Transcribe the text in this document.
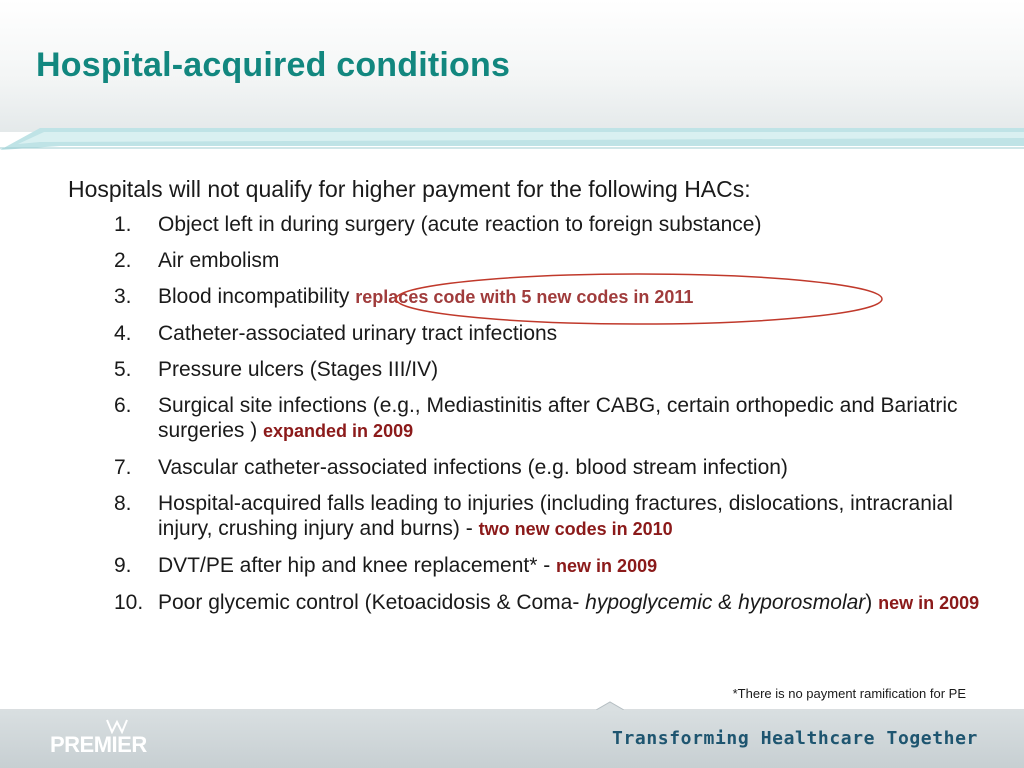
Hospital-acquired conditions
Hospitals will not qualify for higher payment for the following HACs:
1.	Object left in during surgery (acute reaction to foreign substance)
2.	Air embolism
3.	Blood incompatibility replaces code with 5 new codes in 2011
4.	Catheter-associated urinary tract infections
5.	Pressure ulcers (Stages III/IV)
6.	Surgical site infections (e.g., Mediastinitis after CABG, certain orthopedic and Bariatric surgeries ) expanded in 2009
7.	Vascular catheter-associated infections (e.g. blood stream infection)
8.	Hospital-acquired falls leading to injuries (including fractures, dislocations, intracranial injury, crushing injury and burns) - two new codes in 2010
9.	DVT/PE after hip and knee replacement* - new in 2009
10. Poor glycemic control (Ketoacidosis & Coma- hypoglycemic & hyporosmolar) new in 2009
*There is no payment ramification for PE
PREMIER	Transforming Healthcare Together
